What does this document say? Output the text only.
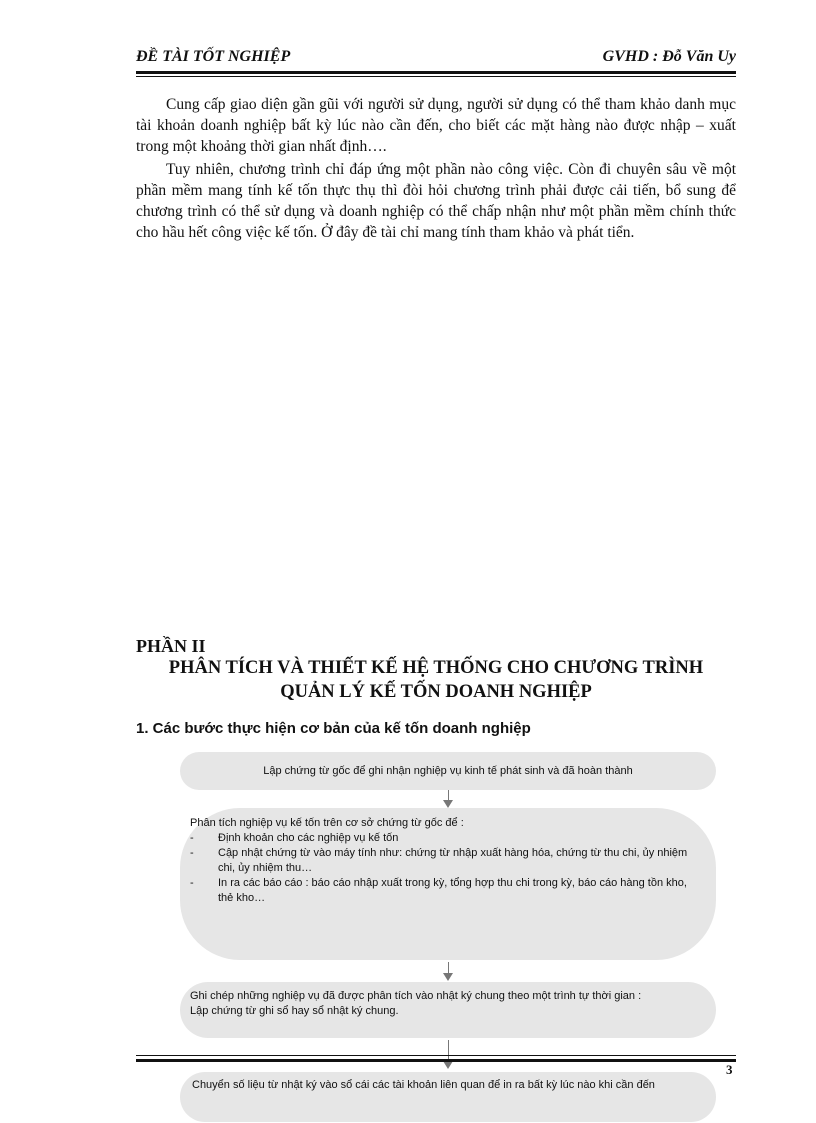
ĐỀ TÀI TỐT NGHIỆP	GVHD : Đỗ Văn Uy

Cung cấp giao diện gần gũi với người sử dụng, người sử dụng có thể tham khảo danh mục tài khoản doanh nghiệp bất kỳ lúc nào cần đến, cho biết các mặt hàng nào được nhập – xuất trong một khoảng thời gian nhất định….

Tuy nhiên, chương trình chỉ đáp ứng một phần nào công việc. Còn đi chuyên sâu về một phần mềm mang tính kế tốn thực thụ thì đòi hỏi chương trình phải được cải tiến, bổ sung để chương trình có thể sử dụng và doanh nghiệp có thể chấp nhận như một phần mềm chính thức cho hầu hết công việc kế tốn. Ở đây đề tài chỉ mang tính tham khảo và phát tiển.

PHẦN II
PHÂN TÍCH VÀ THIẾT KẾ HỆ THỐNG CHO CHƯƠNG TRÌNH
QUẢN LÝ KẾ TỐN DOANH NGHIỆP
1. Các bước thực hiện cơ bản của kế tốn doanh nghiệp
Lập chứng từ gốc để ghi nhận nghiệp vụ kinh tế phát sinh và đã hoàn thành
Phân tích nghiệp vụ kế tốn trên cơ sở chứng từ gốc để :
- Định khoản cho các nghiệp vụ kế tốn
- Cập nhật chứng từ vào máy tính như: chứng từ nhập xuất hàng hóa, chứng từ thu chi, ủy nhiệm chi, ủy nhiệm thu…
- In ra các báo cáo : báo cáo nhập xuất trong kỳ, tổng hợp thu chi trong kỳ, báo cáo hàng tồn kho, thẻ kho…
Ghi chép những nghiệp vụ đã được phân tích vào nhật ký chung theo một trình tự thời gian :
Lập chứng từ ghi sổ hay sổ nhật ký chung.
3
Chuyển số liệu từ nhật ký vào sổ cái các tài khoản liên quan để in ra bất kỳ lúc nào khi cần đến
